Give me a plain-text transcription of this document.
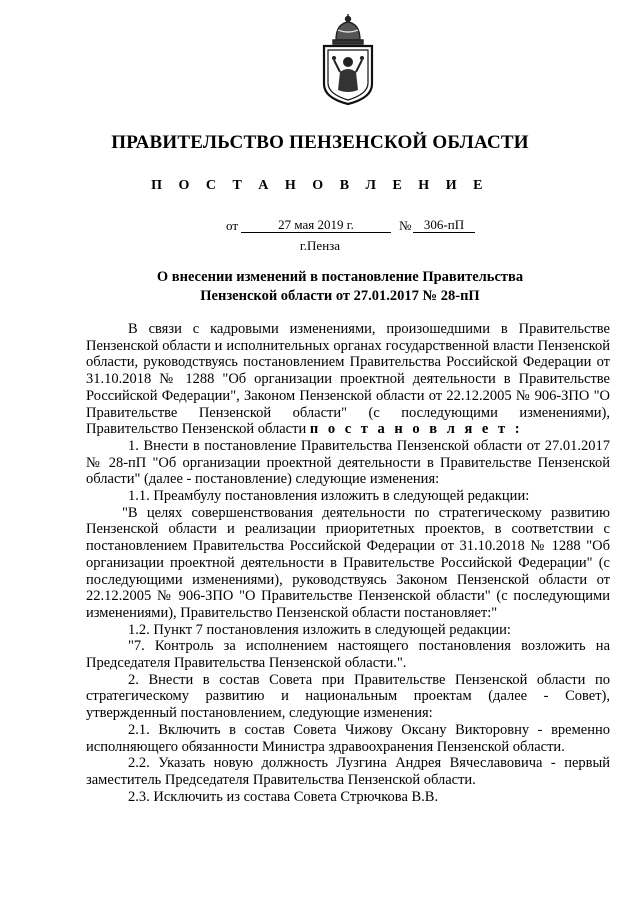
ПРАВИТЕЛЬСТВО ПЕНЗЕНСКОЙ ОБЛАСТИ
П О С Т А Н О В Л Е Н И Е
от	27 мая 2019 г.	№ 306-пП
г.Пенза
О внесении изменений в постановление Правительства
Пензенской области от 27.01.2017 № 28-пП

В связи с кадровыми изменениями, произошедшими в Правительстве Пензенской области и исполнительных органах государственной власти Пензенской области, руководствуясь постановлением Правительства Российской Федерации от 31.10.2018 № 1288 "Об организации проектной деятельности в Правительстве Российской Федерации", Законом Пензенской области от 22.12.2005 № 906-ЗПО "О Правительстве Пензенской области" (с последующими изменениями), Правительство Пензенской области п о с т а н о в л я е т :

1. Внести в постановление Правительства Пензенской области от 27.01.2017 № 28-пП "Об организации проектной деятельности в Правительстве Пензенской области" (далее - постановление) следующие изменения:

1.1. Преамбулу постановления изложить в следующей редакции:

"В целях совершенствования деятельности по стратегическому развитию Пензенской области и реализации приоритетных проектов, в соответствии с постановлением Правительства Российской Федерации от 31.10.2018 № 1288 "Об организации проектной деятельности в Правительстве Российской Федерации" (с последующими изменениями), руководствуясь Законом Пензенской области от 22.12.2005 № 906-ЗПО "О Правительстве Пензенской области" (с последующими изменениями), Правительство Пензенской области постановляет:"

1.2. Пункт 7 постановления изложить в следующей редакции:

"7. Контроль за исполнением настоящего постановления возложить на Председателя Правительства Пензенской области.".

2. Внести в состав Совета при Правительстве Пензенской области по стратегическому развитию и национальным проектам (далее - Совет), утвержденный постановлением, следующие изменения:

2.1. Включить в состав Совета Чижову Оксану Викторовну - временно исполняющего обязанности Министра здравоохранения Пензенской области.

2.2. Указать новую должность Лузгина Андрея Вячеславовича - первый заместитель Председателя Правительства Пензенской области.

2.3. Исключить из состава Совета Стрючкова В.В.
